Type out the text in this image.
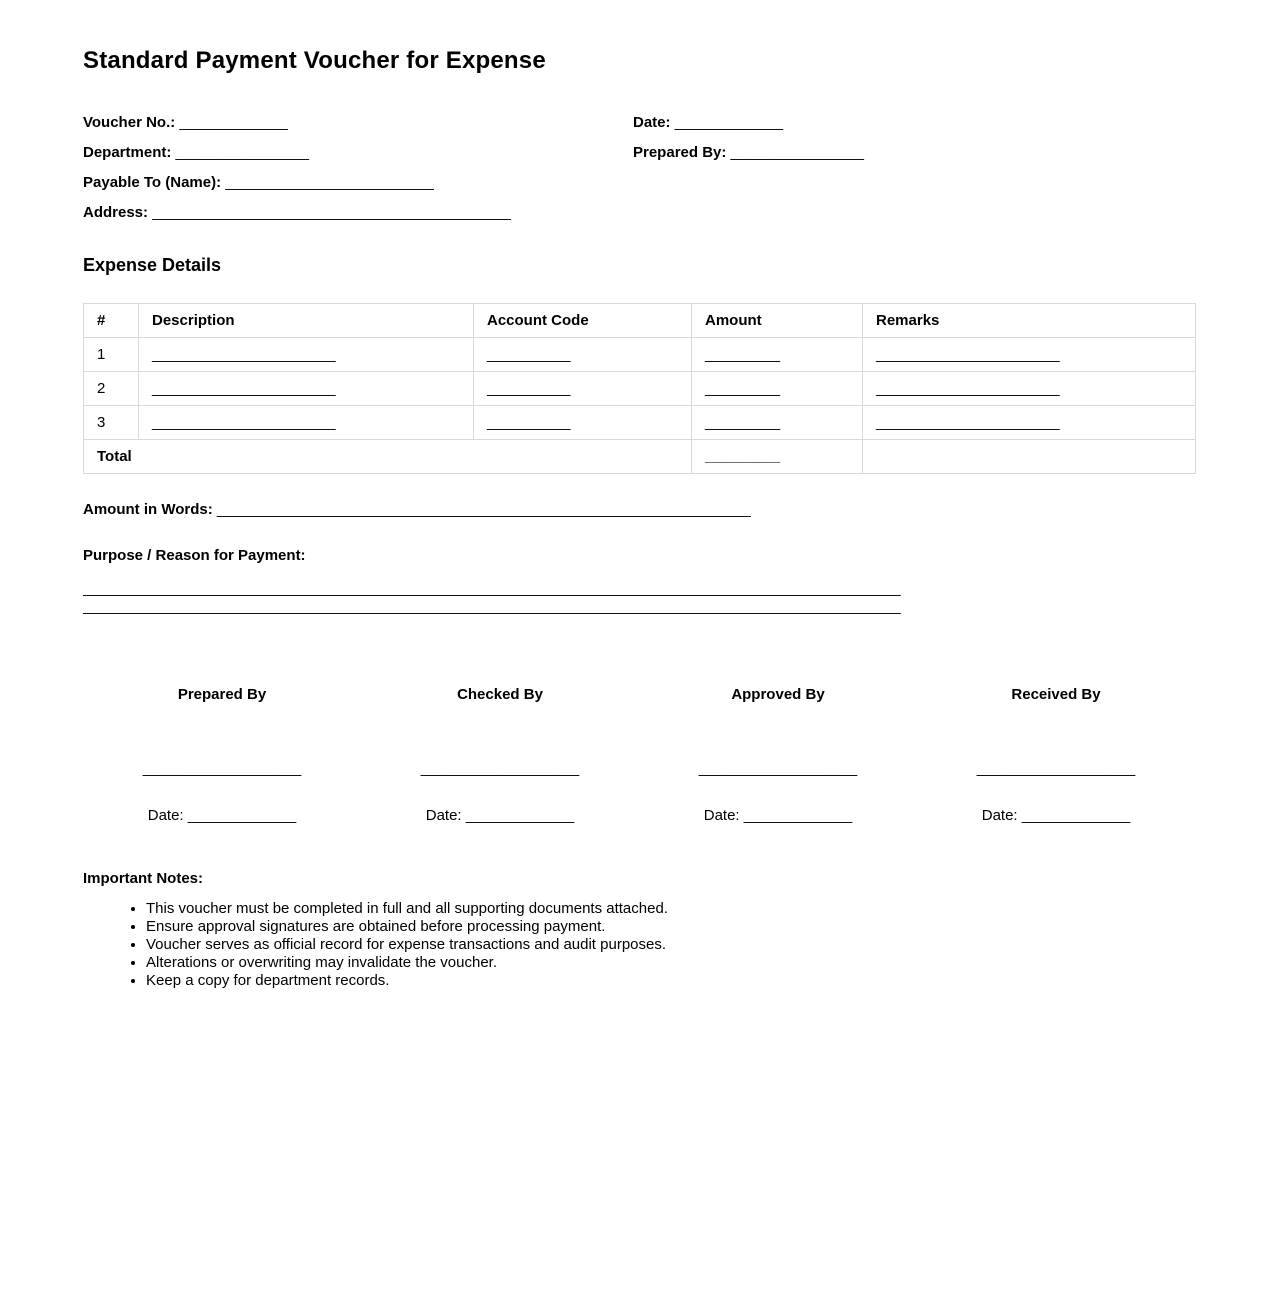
Standard Payment Voucher for Expense
Voucher No.: _____________	Date: _____________
Department: ________________	Prepared By: ________________
Payable To (Name): _________________________
Address: ___________________________________________
Expense Details
#	Description	Account Code	Amount	Remarks
1	______________________	__________	_________	______________________
2	______________________	__________	_________	______________________
3	______________________	__________	_________	______________________
Total			_________	
Amount in Words: ________________________________________________________________
Purpose / Reason for Payment:
__________________________________________________________________________________________________
__________________________________________________________________________________________________
Prepared By
___________________
Date: _____________
Checked By
___________________
Date: _____________
Approved By
___________________
Date: _____________
Received By
___________________
Date: _____________
Important Notes:
• This voucher must be completed in full and all supporting documents attached.
• Ensure approval signatures are obtained before processing payment.
• Voucher serves as official record for expense transactions and audit purposes.
• Alterations or overwriting may invalidate the voucher.
• Keep a copy for department records.
